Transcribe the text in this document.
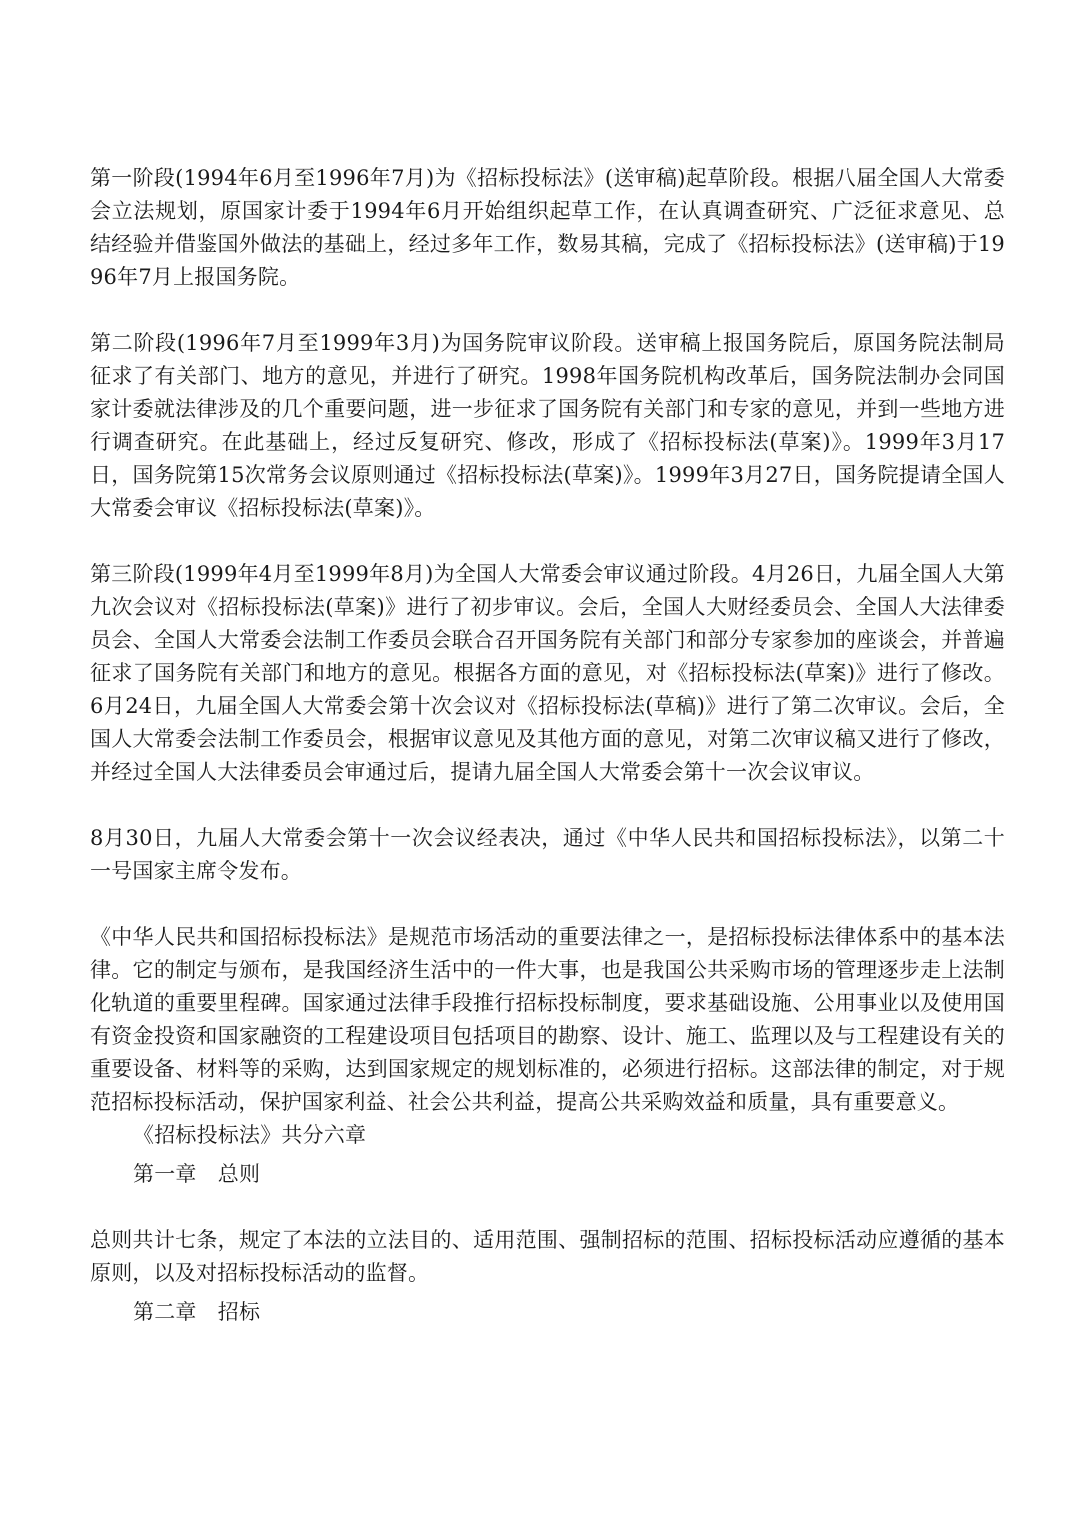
第一阶段(1994年6月至1996年7月)为《招标投标法》(送审稿)起草阶段。根据八届全国人大常委会立法规划，原国家计委于1994年6月开始组织起草工作，在认真调查研究、广泛征求意见、总结经验并借鉴国外做法的基础上，经过多年工作，数易其稿，完成了《招标投标法》(送审稿)于1996年7月上报国务院。

第二阶段(1996年7月至1999年3月)为国务院审议阶段。送审稿上报国务院后，原国务院法制局征求了有关部门、地方的意见，并进行了研究。1998年国务院机构改革后，国务院法制办会同国家计委就法律涉及的几个重要问题，进一步征求了国务院有关部门和专家的意见，并到一些地方进行调查研究。在此基础上，经过反复研究、修改，形成了《招标投标法(草案)》。1999年3月17日，国务院第15次常务会议原则通过《招标投标法(草案)》。1999年3月27日，国务院提请全国人大常委会审议《招标投标法(草案)》。

第三阶段(1999年4月至1999年8月)为全国人大常委会审议通过阶段。4月26日，九届全国人大第九次会议对《招标投标法(草案)》进行了初步审议。会后，全国人大财经委员会、全国人大法律委员会、全国人大常委会法制工作委员会联合召开国务院有关部门和部分专家参加的座谈会，并普遍征求了国务院有关部门和地方的意见。根据各方面的意见，对《招标投标法(草案)》进行了修改。6月24日，九届全国人大常委会第十次会议对《招标投标法(草稿)》进行了第二次审议。会后，全国人大常委会法制工作委员会，根据审议意见及其他方面的意见，对第二次审议稿又进行了修改，并经过全国人大法律委员会审通过后，提请九届全国人大常委会第十一次会议审议。

8月30日，九届人大常委会第十一次会议经表决，通过《中华人民共和国招标投标法》，以第二十一号国家主席令发布。

《中华人民共和国招标投标法》是规范市场活动的重要法律之一，是招标投标法律体系中的基本法律。它的制定与颁布，是我国经济生活中的一件大事，也是我国公共采购市场的管理逐步走上法制化轨道的重要里程碑。国家通过法律手段推行招标投标制度，要求基础设施、公用事业以及使用国有资金投资和国家融资的工程建设项目包括项目的勘察、设计、施工、监理以及与工程建设有关的重要设备、材料等的采购，达到国家规定的规划标准的，必须进行招标。这部法律的制定，对于规范招标投标活动，保护国家利益、社会公共利益，提高公共采购效益和质量，具有重要意义。

《招标投标法》共分六章
第一章　总则

总则共计七条，规定了本法的立法目的、适用范围、强制招标的范围、招标投标活动应遵循的基本原则，以及对招标投标活动的监督。

第二章　招标
